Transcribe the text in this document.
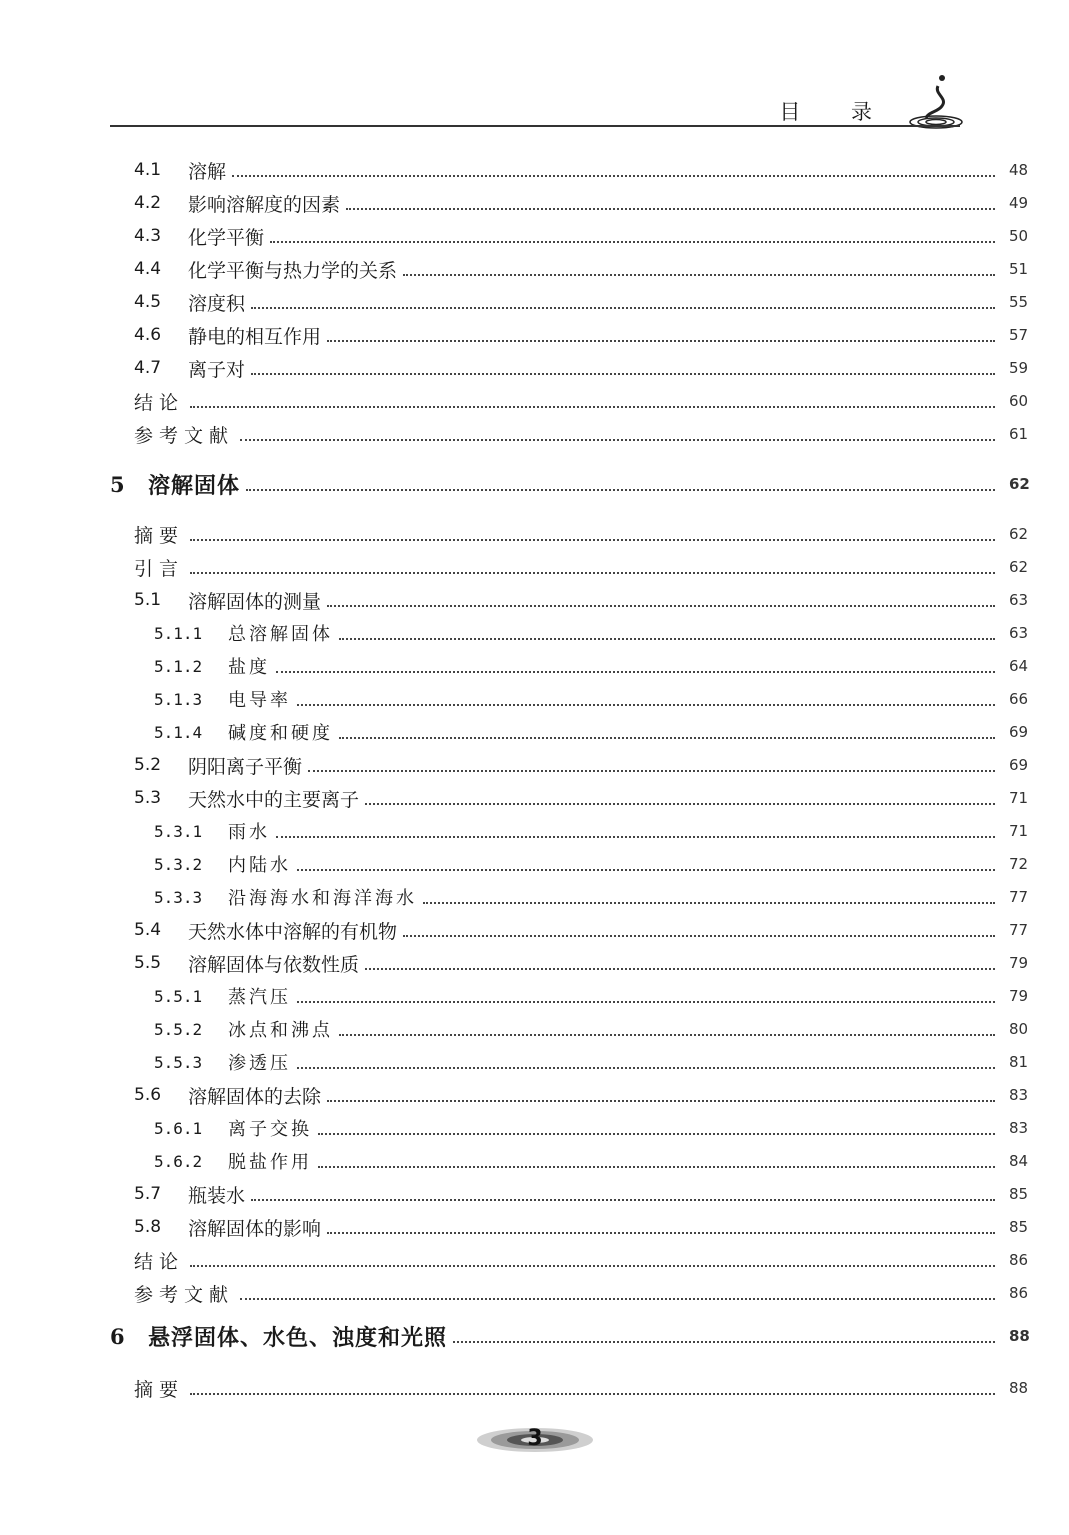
目 录
4.1	溶解	48
4.2	影响溶解度的因素	49
4.3	化学平衡	50
4.4	化学平衡与热力学的关系	51
4.5	溶度积	55
4.6	静电的相互作用	57
4.7	离子对	59
结论	60
参考文献	61
5	溶解固体	62
摘要	62
引言	62
5.1	溶解固体的测量	63
5.1.1	总溶解固体	63
5.1.2	盐度	64
5.1.3	电导率	66
5.1.4	碱度和硬度	69
5.2	阴阳离子平衡	69
5.3	天然水中的主要离子	71
5.3.1	雨水	71
5.3.2	内陆水	72
5.3.3	沿海海水和海洋海水	77
5.4	天然水体中溶解的有机物	77
5.5	溶解固体与依数性质	79
5.5.1	蒸汽压	79
5.5.2	冰点和沸点	80
5.5.3	渗透压	81
5.6	溶解固体的去除	83
5.6.1	离子交换	83
5.6.2	脱盐作用	84
5.7	瓶装水	85
5.8	溶解固体的影响	85
结论	86
参考文献	86
6	悬浮固体、水色、浊度和光照	88
摘要	88
3
